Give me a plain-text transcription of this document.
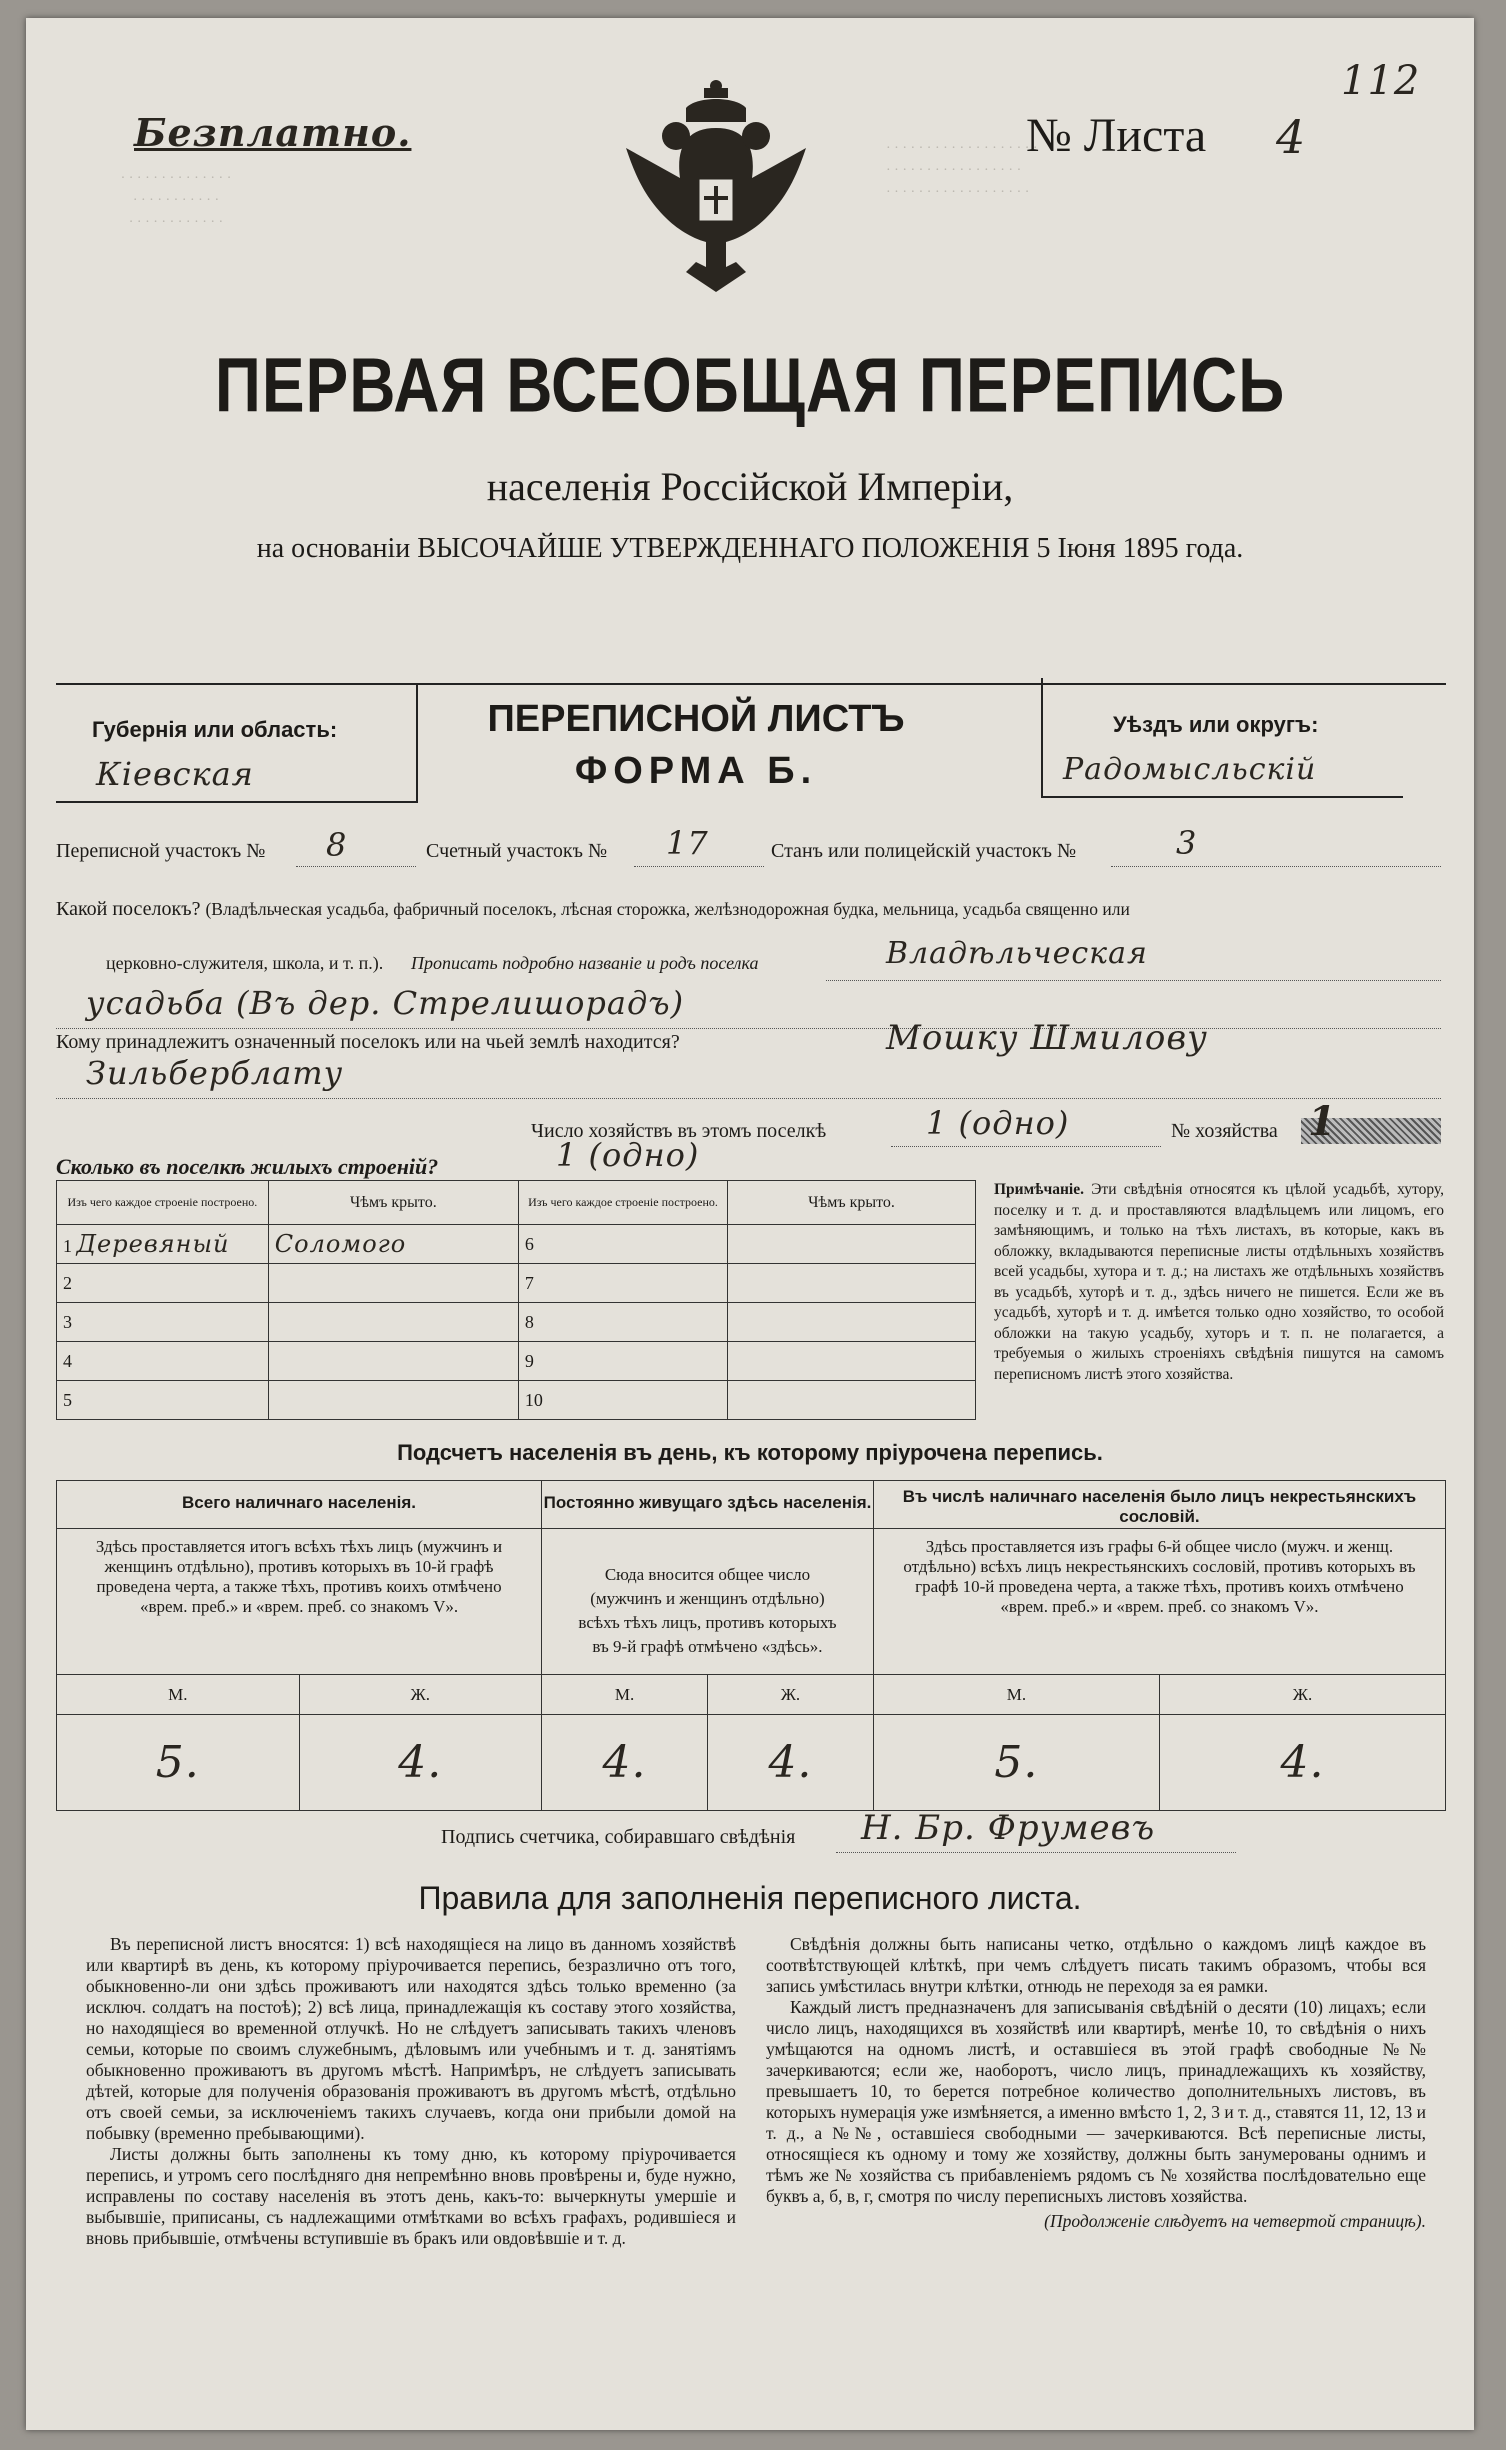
· · · · · · · · · · · · · ·
· · · · · · · · · · ·
· · · · · · · · · · · ·
· · · · · · · · · · · · · · · · · · ·
· · · · · · · · · · · · · · · · ·
· · · · · · · · · · · · · · · · · ·
Безплатно.	№ Листа 4
112
ПЕРВАЯ ВСЕОБЩАЯ ПЕРЕПИСЬ
населенія Россійской Имперіи,
на основаніи ВЫСОЧАЙШЕ УТВЕРЖДЕННАГО ПОЛОЖЕНІЯ 5 Іюня 1895 года.
Губернія или область:
Кіевская
ПЕРЕПИСНОЙ ЛИСТЪ
ФОРМА Б.
Уѣздъ или округъ:
Радомысльскій
Переписной участокъ № 8	Счетный участокъ № 17	Станъ или полицейскій участокъ №	3
Какой поселокъ? (Владѣльческая усадьба, фабричный поселокъ, лѣсная сторожка, желѣзнодорожная будка, мельница, усадьба священно или
церковно-служителя, школа, и т. п.). Прописать подробно названіе и родъ поселка	Владѣльческая
усадьба (Въ дер. Стрелишорадъ)
Кому принадлежитъ означенный поселокъ или на чьей землѣ находится?	Мошку Шмилову
Зильберблату
Число хозяйствъ въ этомъ поселкѣ	1 (одно)	№ хозяйства 1
Сколько въ поселкѣ жилыхъ строеній?	1 (одно)
Изъ чего каждое строеніе построено.	Чѣмъ крыто.	Изъ чего каждое строеніе построено.	Чѣмъ крыто.
1 Деревяный	Соломого	6	
2		7	
3		8	
4		9	
5		10	
Примѣчаніе. Эти свѣдѣнія относятся къ цѣлой усадьбѣ, хутору, поселку и т. д. и проставляются владѣльцемъ или лицомъ, его замѣняющимъ, и только на тѣхъ листахъ, въ которые, какъ въ обложку, вкладываются переписные листы отдѣльныхъ хозяйствъ всей усадьбы, хутора и т. д.; на листахъ же отдѣльныхъ хозяйствъ въ усадьбѣ, хуторѣ и т. д., здѣсь ничего не пишется. Если же въ усадьбѣ, хуторѣ и т. д. имѣется только одно хозяйство, то особой обложки на такую усадьбу, хуторъ и т. п. не полагается, а требуемыя о жилыхъ строеніяхъ свѣдѣнія пишутся на самомъ переписномъ листѣ этого хозяйства.
Подсчетъ населенія въ день, къ которому пріурочена перепись.
Всего наличнаго населенія.		Постоянно живущаго здѣсь населенія.		Въ числѣ наличнаго населенія было лицъ некрестьянскихъ сословій.	
Здѣсь проставляется итогъ всѣхъ тѣхъ лицъ (мужчинъ и женщинъ отдѣльно), противъ которыхъ въ 10-й графѣ проведена черта, а также тѣхъ, противъ коихъ отмѣчено «врем. преб.» и «врем. преб. со знакомъ V».		Сюда вносится общее число (мужчинъ и женщинъ отдѣльно) всѣхъ тѣхъ лицъ, противъ которыхъ въ 9-й графѣ отмѣчено «здѣсь».		Здѣсь проставляется изъ графы 6-й общее число (мужч. и женщ. отдѣльно) всѣхъ лицъ некрестьянскихъ сословій, противъ которыхъ въ графѣ 10-й проведена черта, а также тѣхъ, противъ коихъ отмѣчено «врем. преб.» и «врем. преб. со знакомъ V».	
М.	Ж.	М.	Ж.	М.	Ж.
5.	4.	4.	4.	5.	4.
Подпись счетчика, собиравшаго свѣдѣнія Н. Бр. Фрумевъ
Правила для заполненія переписного листа.

Въ переписной листъ вносятся: 1) всѣ находящіеся на лицо въ данномъ хозяйствѣ или квартирѣ въ день, къ которому пріурочивается перепись, безразлично отъ того, обыкновенно-ли они здѣсь проживаютъ или находятся здѣсь только временно (за исключ. солдатъ на постоѣ); 2) всѣ лица, принадлежащія къ составу этого хозяйства, но находящіеся во временной отлучкѣ. Но не слѣдуетъ записывать такихъ членовъ семьи, которые по своимъ служебнымъ, дѣловымъ или учебнымъ и т. д. занятіямъ обыкновенно проживаютъ въ другомъ мѣстѣ. Напримѣръ, не слѣдуетъ записывать дѣтей, которые для полученія образованія проживаютъ въ другомъ мѣстѣ, отдѣльно отъ своей семьи, за исключеніемъ такихъ случаевъ, когда они прибыли домой на побывку (временно пребывающими).

Листы должны быть заполнены къ тому дню, къ которому пріурочивается перепись, и утромъ сего послѣдняго дня непремѣнно вновь провѣрены и, буде нужно, исправлены по составу населенія въ этотъ день, какъ-то: вычеркнуты умершіе и выбывшіе, приписаны, съ надлежащими отмѣтками во всѣхъ графахъ, родившіеся и вновь прибывшіе, отмѣчены вступившіе въ бракъ или овдовѣвшіе и т. д.

Свѣдѣнія должны быть написаны четко, отдѣльно о каждомъ лицѣ каждое въ соотвѣтствующей клѣткѣ, при чемъ слѣдуетъ писать такимъ образомъ, чтобы вся запись умѣстилась внутри клѣтки, отнюдь не переходя за ея рамки.

Каждый листъ предназначенъ для записыванія свѣдѣній о десяти (10) лицахъ; если число лицъ, находящихся въ хозяйствѣ или квартирѣ, менѣе 10, то свѣдѣнія о нихъ умѣщаются на одномъ листѣ, и оставшіеся въ этой графѣ свободные №№ зачеркиваются; если же, наоборотъ, число лицъ, принадлежащихъ къ хозяйству, превышаетъ 10, то берется потребное количество дополнительныхъ листовъ, въ которыхъ нумерація уже измѣняется, а именно вмѣсто 1, 2, 3 и т. д., ставятся 11, 12, 13 и т. д., а №№, оставшіеся свободными — зачеркиваются. Всѣ переписные листы, относящіеся къ одному и тому же хозяйству, должны быть занумерованы однимъ и тѣмъ же № хозяйства съ прибавленіемъ рядомъ съ № хозяйства послѣдовательно еще буквъ а, б, в, г, смотря по числу переписныхъ листовъ хозяйства.

(Продолженіе слѣдуетъ на четвертой страницѣ).
